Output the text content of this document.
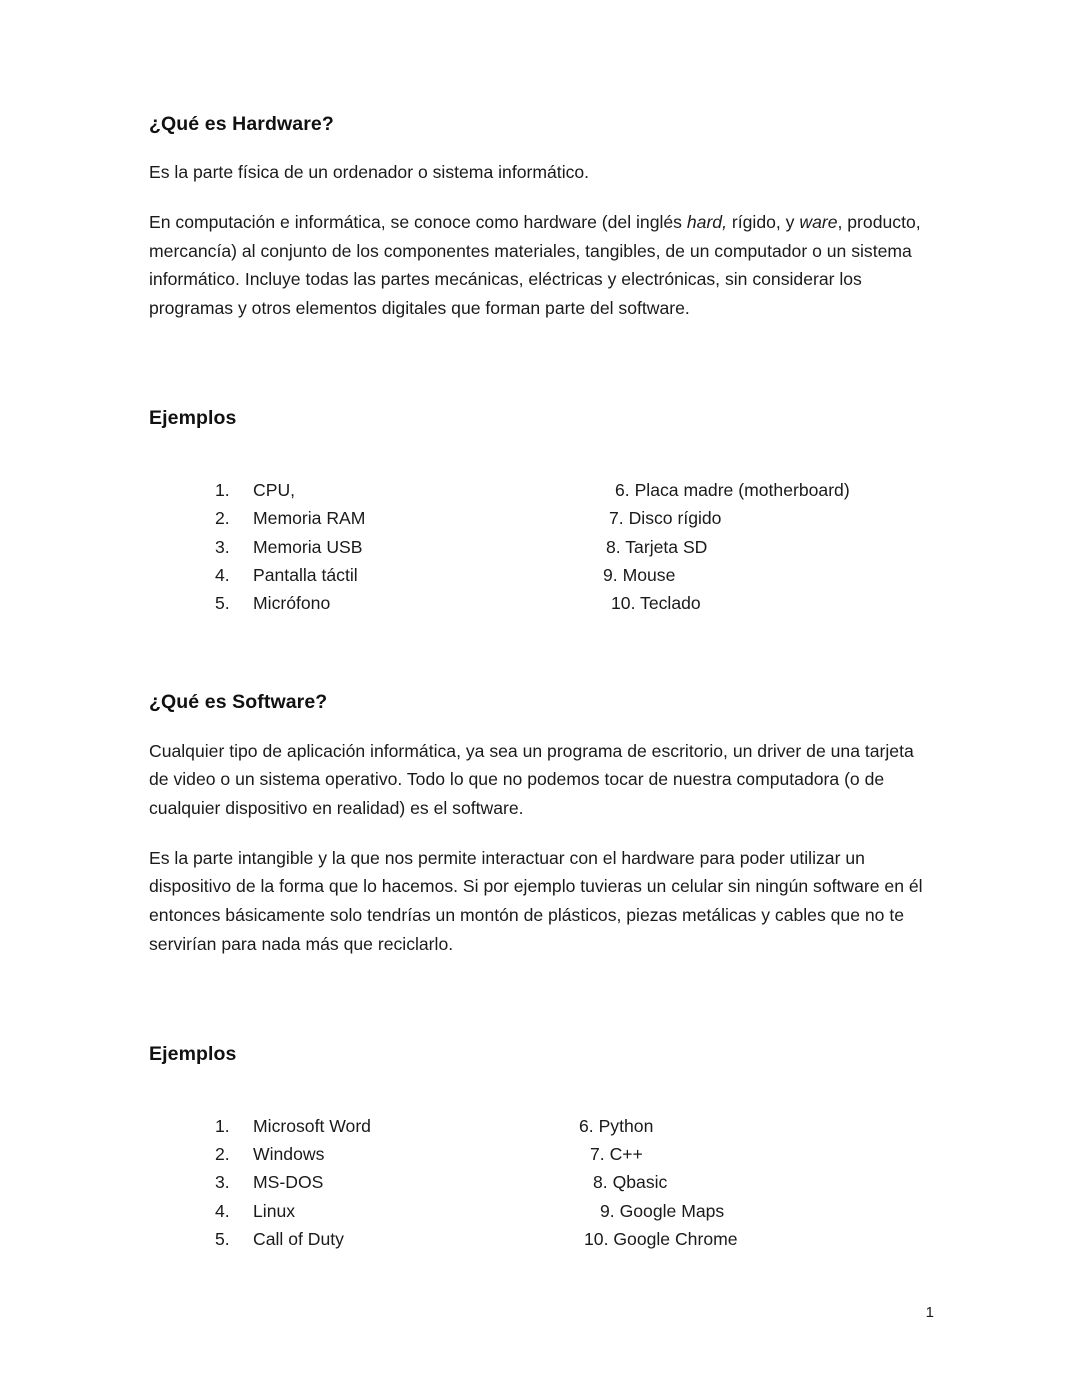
¿Qué es Hardware?

Es la parte física de un ordenador o sistema informático.

En computación e informática, se conoce como hardware (del inglés hard, rígido, y ware, producto, mercancía) al conjunto de los componentes materiales, tangibles, de un computador o un sistema informático. Incluye todas las partes mecánicas, eléctricas y electrónicas, sin considerar los programas y otros elementos digitales que forman parte del software.

Ejemplos
1. CPU,
2. Memoria RAM
3. Memoria USB
4. Pantalla táctil
5. Micrófono
6. Placa madre (motherboard)
7. Disco rígido
8. Tarjeta SD
9. Mouse
10. Teclado
¿Qué es Software?

Cualquier tipo de aplicación informática, ya sea un programa de escritorio, un driver de una tarjeta de video o un sistema operativo. Todo lo que no podemos tocar de nuestra computadora (o de cualquier dispositivo en realidad) es el software.

Es la parte intangible y la que nos permite interactuar con el hardware para poder utilizar un dispositivo de la forma que lo hacemos. Si por ejemplo tuvieras un celular sin ningún software en él entonces básicamente solo tendrías un montón de plásticos, piezas metálicas y cables que no te servirían para nada más que reciclarlo.

Ejemplos
1. Microsoft Word
2. Windows
3. MS-DOS
4. Linux
5. Call of Duty
6. Python
7. C++
8. Qbasic
9. Google Maps
10. Google Chrome
1
